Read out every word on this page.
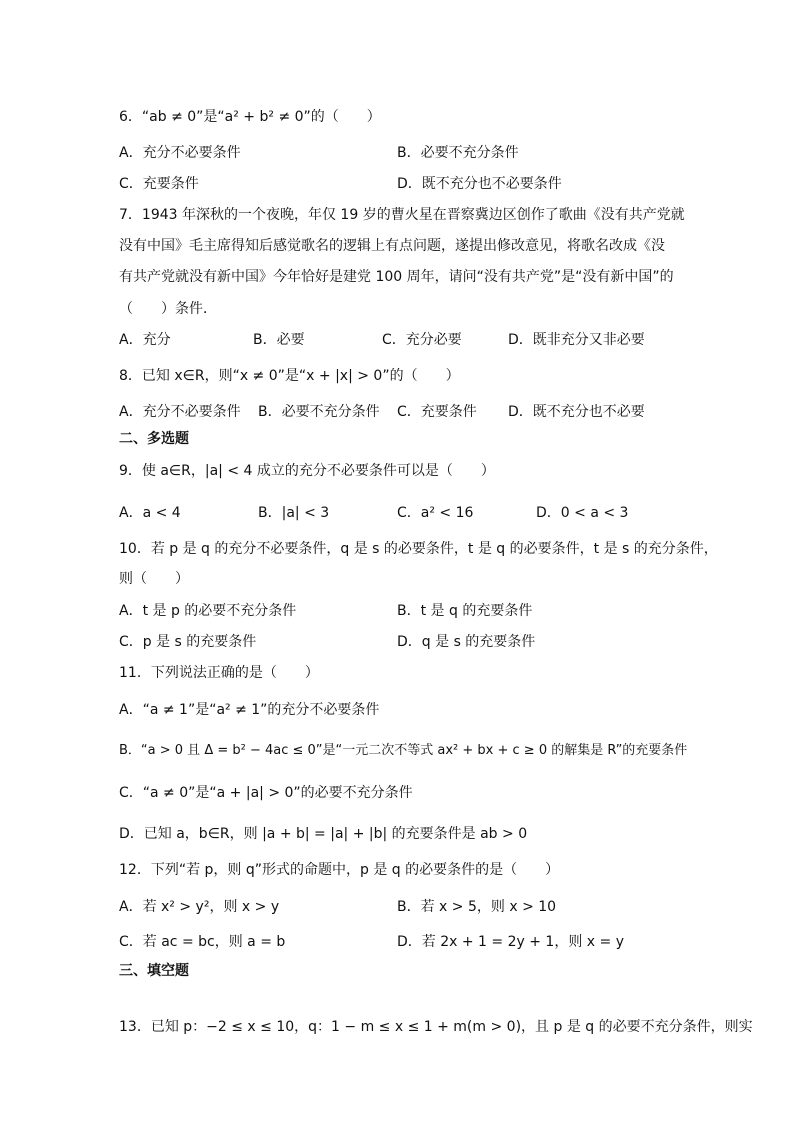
6．“ab ≠ 0”是“a² + b² ≠ 0”的（　　）
A．充分不必要条件	B．必要不充分条件
C．充要条件	D．既不充分也不必要条件
7．1943 年深秋的一个夜晚，年仅 19 岁的曹火星在晋察冀边区创作了歌曲《没有共产党就
没有中国》毛主席得知后感觉歌名的逻辑上有点问题，遂提出修改意见，将歌名改成《没
有共产党就没有新中国》今年恰好是建党 100 周年，请问“没有共产党”是“没有新中国”的
（　　）条件．
A．充分	B．必要	C．充分必要	D．既非充分又非必要
8．已知 x∈R，则“x ≠ 0”是“x + |x| > 0”的（　　）
A．充分不必要条件 B．必要不充分条件 C．充要条件 D．既不充分也不必要
二、多选题
9．使 a∈R，|a| < 4 成立的充分不必要条件可以是（　　）
A．a < 4	B．|a| < 3	C．a² < 16	D．0 < a < 3
10．若 p 是 q 的充分不必要条件，q 是 s 的必要条件，t 是 q 的必要条件，t 是 s 的充分条件，
则（　　）
A．t 是 p 的必要不充分条件	B．t 是 q 的充要条件
C．p 是 s 的充要条件	D．q 是 s 的充要条件
11．下列说法正确的是（　　）
A．“a ≠ 1”是“a² ≠ 1”的充分不必要条件
B．“a > 0 且 Δ = b² − 4ac ≤ 0”是“一元二次不等式 ax² + bx + c ≥ 0 的解集是 R”的充要条件
C．“a ≠ 0”是“a + |a| > 0”的必要不充分条件
D．已知 a，b∈R，则 |a + b| = |a| + |b| 的充要条件是 ab > 0
12．下列“若 p，则 q”形式的命题中，p 是 q 的必要条件的是（　　）
A．若 x² > y²，则 x > y	B．若 x > 5，则 x > 10
C．若 ac = bc，则 a = b	D．若 2x + 1 = 2y + 1，则 x = y
三、填空题
13．已知 p：−2 ≤ x ≤ 10，q：1 − m ≤ x ≤ 1 + m(m > 0)，且 p 是 q 的必要不充分条件，则实
